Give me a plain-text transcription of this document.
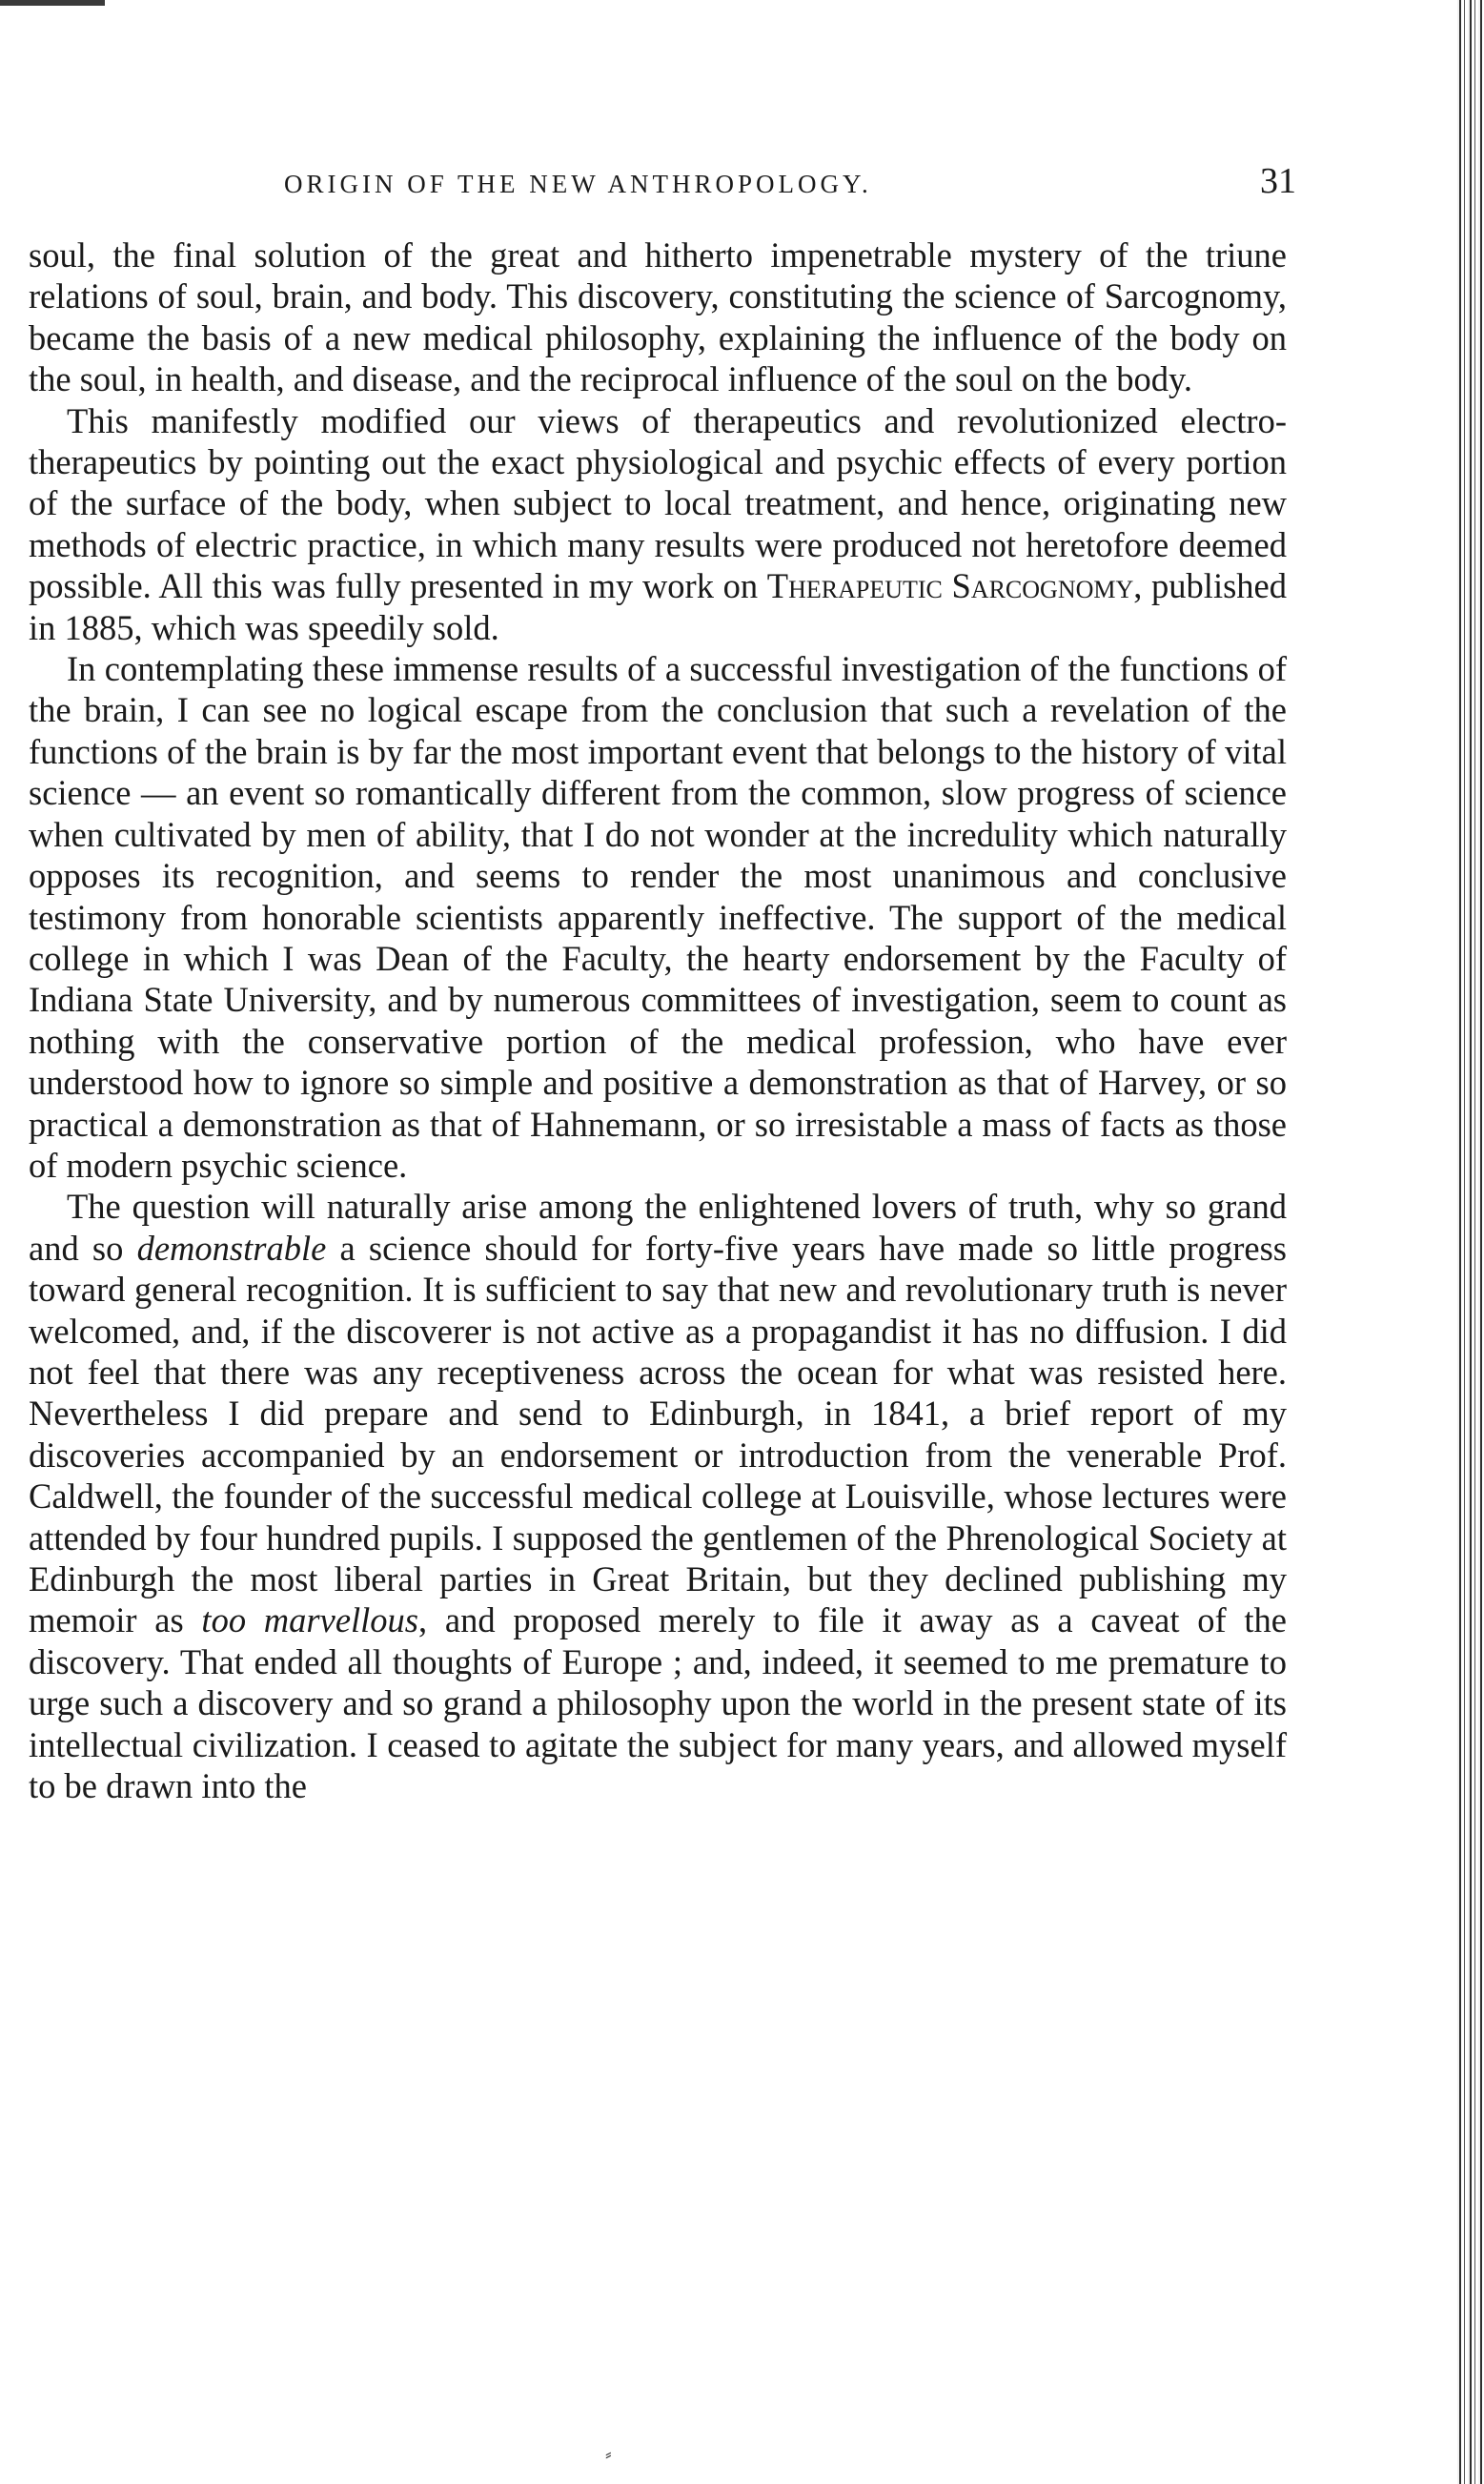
ORIGIN OF THE NEW ANTHROPOLOGY.	31

soul, the final solution of the great and hitherto impenetrable mystery of the triune relations of soul, brain, and body. This discovery, constituting the science of Sarcognomy, became the basis of a new medical philosophy, explaining the influence of the body on the soul, in health, and disease, and the reciprocal influence of the soul on the body.

This manifestly modified our views of therapeutics and revolutionized electro-therapeutics by pointing out the exact physiological and psychic effects of every portion of the surface of the body, when subject to local treatment, and hence, originating new methods of electric practice, in which many results were produced not heretofore deemed possible. All this was fully presented in my work on Therapeutic Sarcognomy, published in 1885, which was speedily sold.

In contemplating these immense results of a successful investigation of the functions of the brain, I can see no logical escape from the conclusion that such a revelation of the functions of the brain is by far the most important event that belongs to the history of vital science — an event so romantically different from the common, slow progress of science when cultivated by men of ability, that I do not wonder at the incredulity which naturally opposes its recognition, and seems to render the most unanimous and conclusive testimony from honorable scientists apparently ineffective. The support of the medical college in which I was Dean of the Faculty, the hearty endorsement by the Faculty of Indiana State University, and by numerous committees of investigation, seem to count as nothing with the conservative portion of the medical profession, who have ever understood how to ignore so simple and positive a demonstration as that of Harvey, or so practical a demonstration as that of Hahnemann, or so irresistable a mass of facts as those of modern psychic science.

The question will naturally arise among the enlightened lovers of truth, why so grand and so demonstrable a science should for forty-five years have made so little progress toward general recognition. It is sufficient to say that new and revolutionary truth is never welcomed, and, if the discoverer is not active as a propagandist it has no diffusion. I did not feel that there was any receptiveness across the ocean for what was resisted here. Nevertheless I did prepare and send to Edinburgh, in 1841, a brief report of my discoveries accompanied by an endorsement or introduction from the venerable Prof. Caldwell, the founder of the successful medical college at Louisville, whose lectures were attended by four hundred pupils. I supposed the gentlemen of the Phrenological Society at Edinburgh the most liberal parties in Great Britain, but they declined publishing my memoir as too marvellous, and proposed merely to file it away as a caveat of the discovery. That ended all thoughts of Europe ; and, indeed, it seemed to me premature to urge such a discovery and so grand a philosophy upon the world in the present state of its intellectual civilization. I ceased to agitate the subject for many years, and allowed myself to be drawn into the

⸗
